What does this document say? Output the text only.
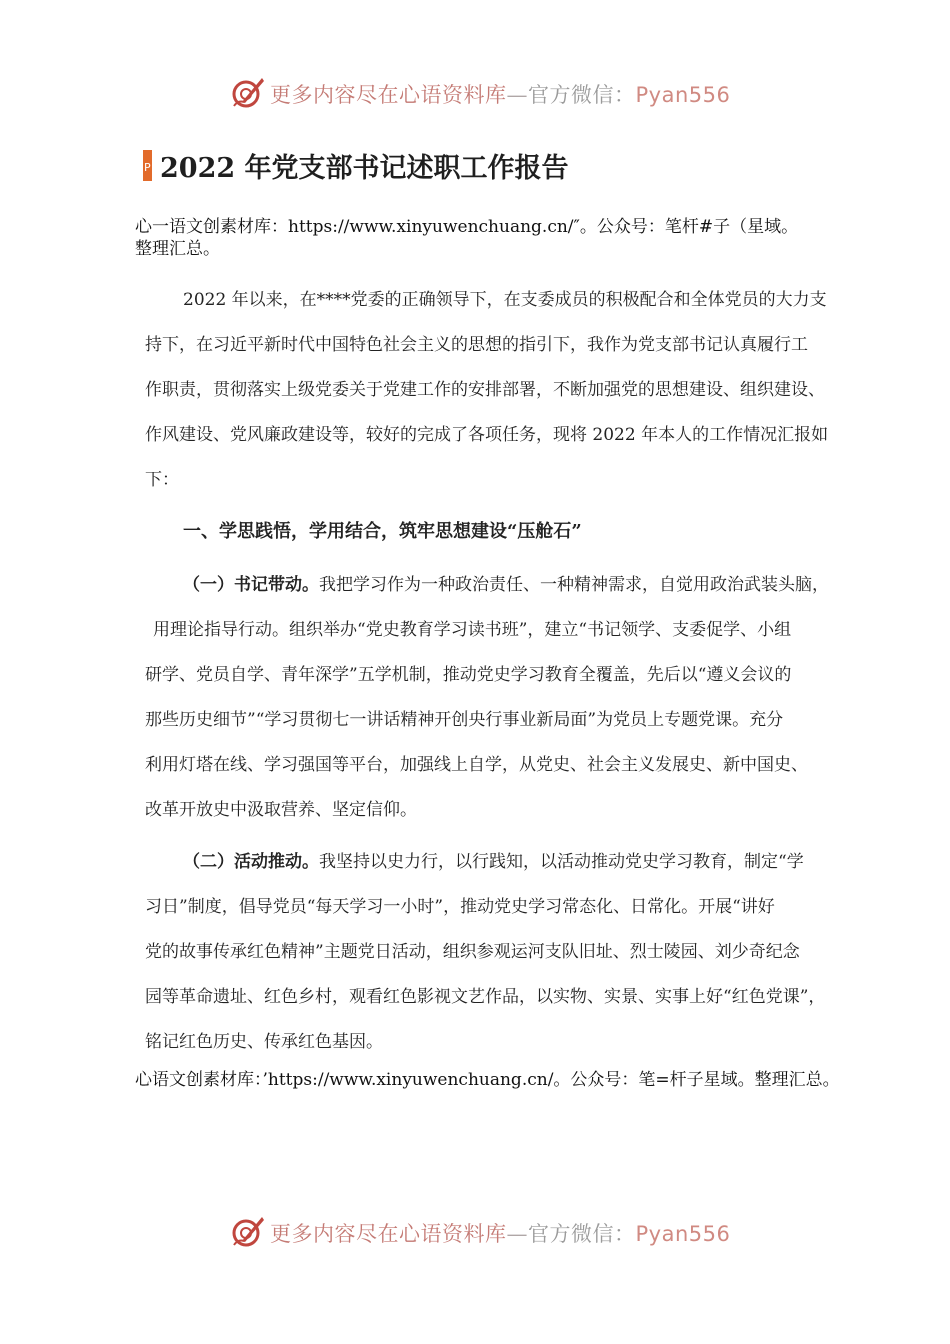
更多内容尽在心语资料库—官方微信：Pyan556
P 2022 年党支部书记述职工作报告
心一语文创素材库：https://www.xinyuwenchuang.cn/″。公众号：笔杆#子（星域。
整理汇总。
2022 年以来，在****党委的正确领导下，在支委成员的积极配合和全体党员的大力支
持下，在习近平新时代中国特色社会主义的思想的指引下，我作为党支部书记认真履行工
作职责，贯彻落实上级党委关于党建工作的安排部署，不断加强党的思想建设、组织建设、
作风建设、党风廉政建设等，较好的完成了各项任务，现将 2022 年本人的工作情况汇报如
下：
一、学思践悟，学用结合，筑牢思想建设“压舱石”
（一）书记带动。我把学习作为一种政治责任、一种精神需求，自觉用政治武装头脑，
用理论指导行动。组织举办“党史教育学习读书班”，建立“书记领学、支委促学、小组
研学、党员自学、青年深学”五学机制，推动党史学习教育全覆盖，先后以“遵义会议的
那些历史细节”“学习贯彻七一讲话精神开创央行事业新局面”为党员上专题党课。充分
利用灯塔在线、学习强国等平台，加强线上自学，从党史、社会主义发展史、新中国史、
改革开放史中汲取营养、坚定信仰。
（二）活动推动。我坚持以史力行，以行践知，以活动推动党史学习教育，制定“学
习日”制度，倡导党员“每天学习一小时”，推动党史学习常态化、日常化。开展“讲好
党的故事传承红色精神”主题党日活动，组织参观运河支队旧址、烈士陵园、刘少奇纪念
园等革命遗址、红色乡村，观看红色影视文艺作品，以实物、实景、实事上好“红色党课”，
铭记红色历史、传承红色基因。
心语文创素材库：’https://www.xinyuwenchuang.cn/。公众号：笔=杆子星域。整理汇总。
更多内容尽在心语资料库—官方微信：Pyan556
